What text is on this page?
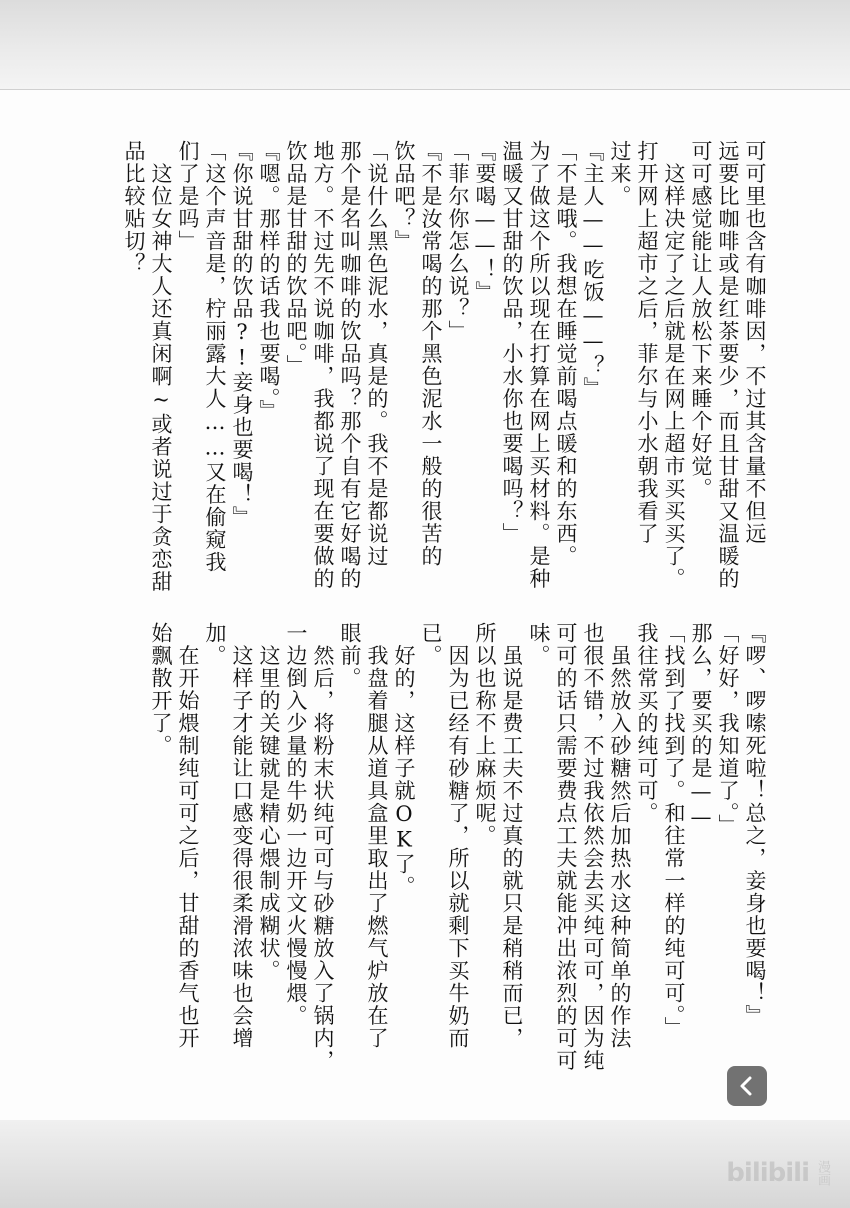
可可里也含有咖啡因，不过其含量不但远

远要比咖啡或是红茶要少，而且甘甜又温暖的

可可感觉能让人放松下来睡个好觉。

　这样决定了之后就是在网上超市买买买了。

打开网上超市之后，菲尔与小水朝我看了

过来。

『主人——吃饭——？』

「不是哦。我想在睡觉前喝点暖和的东西。

为了做这个所以现在打算在网上买材料。是种

温暖又甘甜的饮品，小水你也要喝吗？」

『要喝——！』

「菲尔你怎么说？」

『不是汝常喝的那个黑色泥水一般的很苦的

饮品吧？』

「说什么黑色泥水，真是的。我不是都说过

那个是名叫咖啡的饮品吗？那个自有它好喝的

地方。不过先不说咖啡，我都说了现在要做的

饮品是甘甜的饮品吧。」

『嗯。那样的话我也要喝。』

『你说甘甜的饮品?!妾身也要喝！』

「这个声音是，柠丽露大人……又在偷窥我

们了是吗」

　这位女神大人还真闲啊~或者说过于贪恋甜

品比较贴切？

『啰、啰嗦死啦！总之，妾身也要喝！』

「好好，我知道了。」

那么，要买的是——

「找到了找到了。和往常一样的纯可可。」

我往常买的纯可可。

　虽然放入砂糖然后加热水这种简单的作法

也很不错，不过我依然会去买纯可可，因为纯

可可的话只需要费点工夫就能冲出浓烈的可可

味。

　虽说是费工夫不过真的就只是稍稍而已，

所以也称不上麻烦呢。

　因为已经有砂糖了，所以就剩下买牛奶而

已。

　好的，这样子就OK了。

　我盘着腿从道具盒里取出了燃气炉放在了

眼前。

　然后，将粉末状纯可可与砂糖放入了锅内，

一边倒入少量的牛奶一边开文火慢慢煨。

　这里的关键就是精心煨制成糊状。

　这样子才能让口感变得很柔滑浓味也会增

加。

　在开始煨制纯可可之后，甘甜的香气也开

始飘散开了。

bilibili 漫画
